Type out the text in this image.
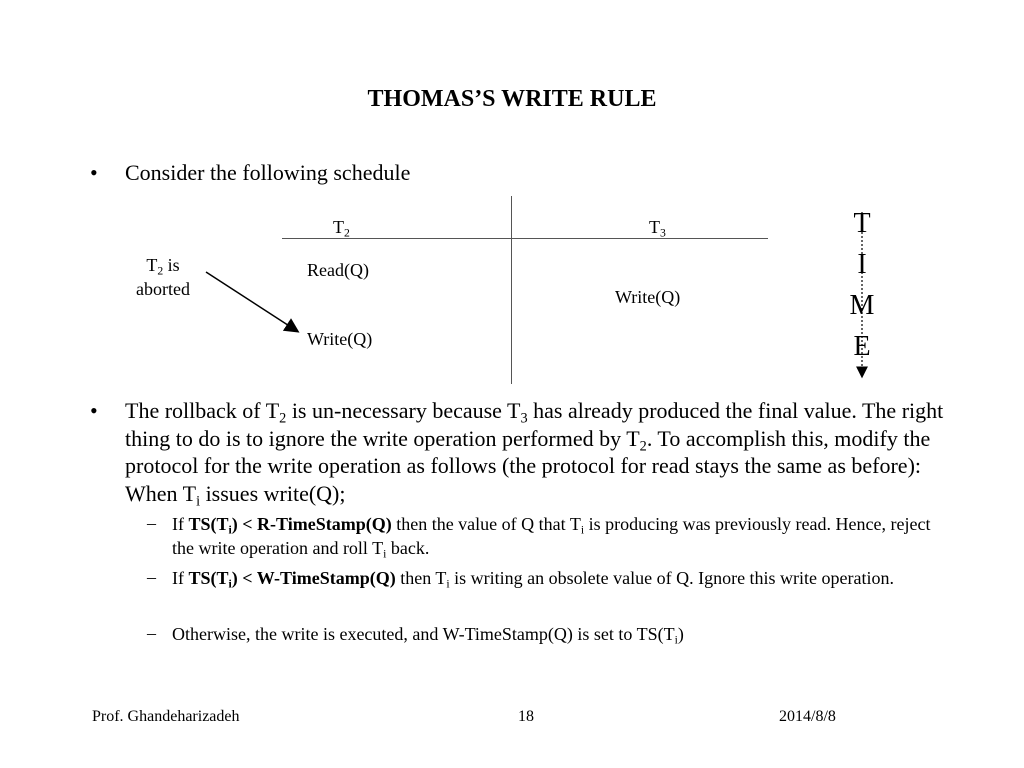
THOMAS’S WRITE RULE
• Consider the following schedule
$T_2$	$T_3$
Read(Q)
Write(Q)
Write(Q)
$T_2$ is
aborted
T
I
M
E
• The rollback of $T_2$ is un-necessary because $T_3$ has already produced the final value. The right thing to do is to ignore the write operation performed by $T_2$. To accomplish this, modify the protocol for the write operation as follows (the protocol for read stays the same as before): When $T_i$ issues write(Q);
– If $TS(T_i)$ < R-TimeStamp(Q) then the value of Q that $T_i$ is producing was previously read. Hence, reject the write operation and roll $T_i$ back.
– If $TS(T_i)$ < W-TimeStamp(Q) then $T_i$ is writing an obsolete value of Q. Ignore this write operation.
– Otherwise, the write is executed, and W-TimeStamp(Q) is set to $TS(T_i)$
Prof. Ghandeharizadeh	18	2014/8/8
